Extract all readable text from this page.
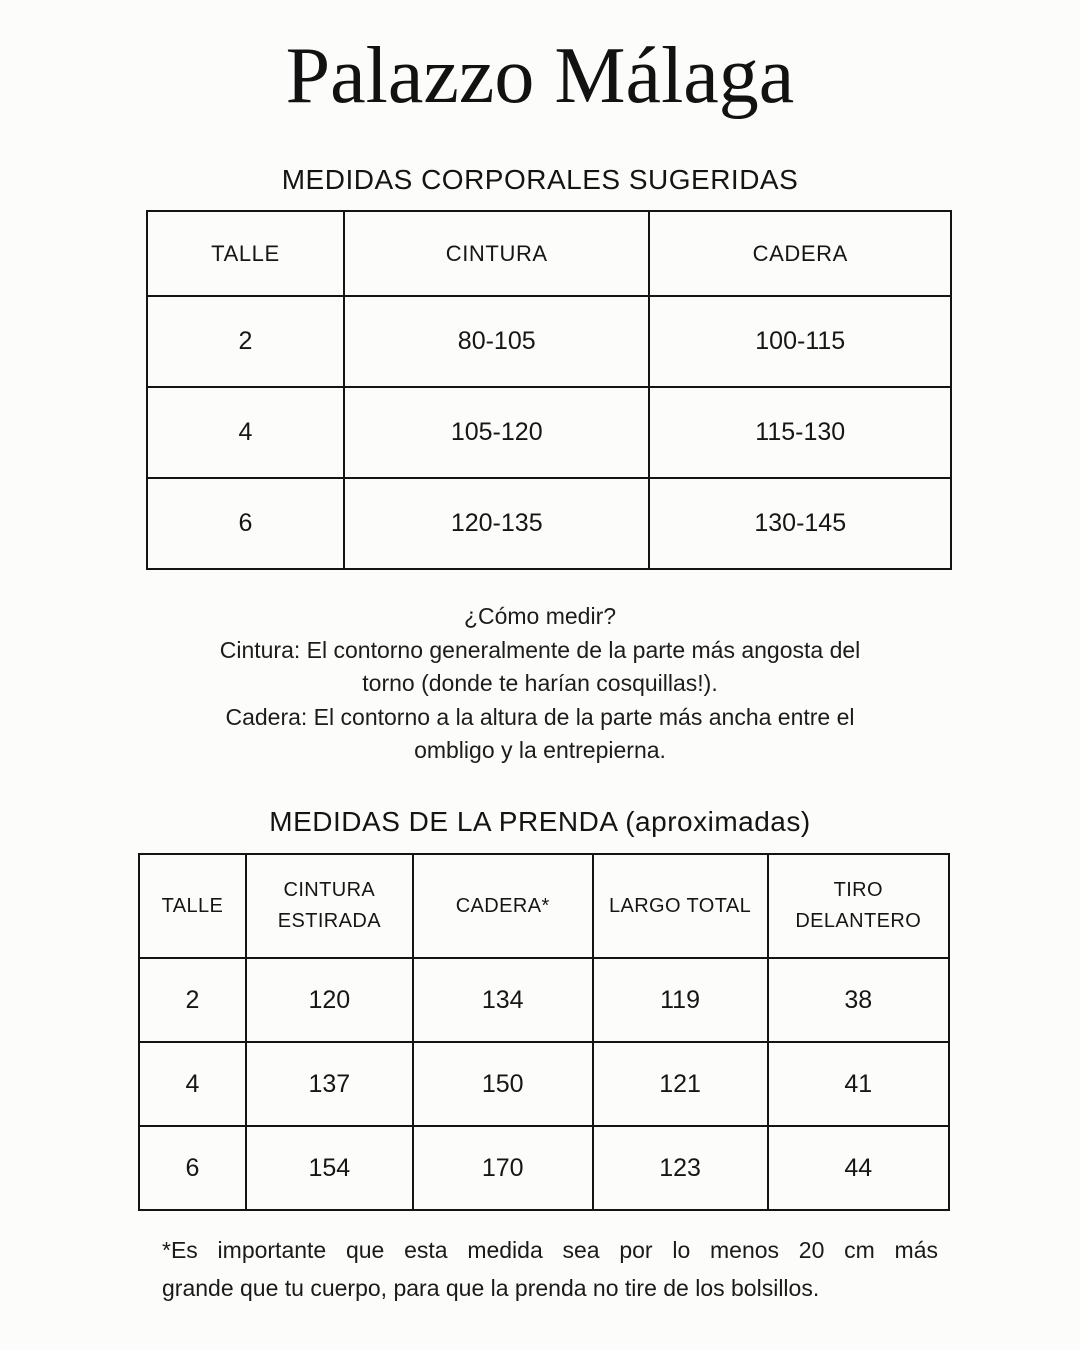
Palazzo Málaga
MEDIDAS CORPORALES SUGERIDAS
TALLE	CINTURA	CADERA
2	80-105	100-115
4	105-120	115-130
6	120-135	130-145
¿Cómo medir?
Cintura: El contorno generalmente de la parte más angosta del
torno (donde te harían cosquillas!).
Cadera: El contorno a la altura de la parte más ancha entre el
ombligo y la entrepierna.
MEDIDAS DE LA PRENDA (aproximadas)
TALLE	CINTURA ESTIRADA	CADERA*	LARGO TOTAL	TIRO DELANTERO
2	120	134	119	38
4	137	150	121	41
6	154	170	123	44
*Es importante que esta medida sea por lo menos 20 cm más
grande que tu cuerpo, para que la prenda no tire de los bolsillos.
